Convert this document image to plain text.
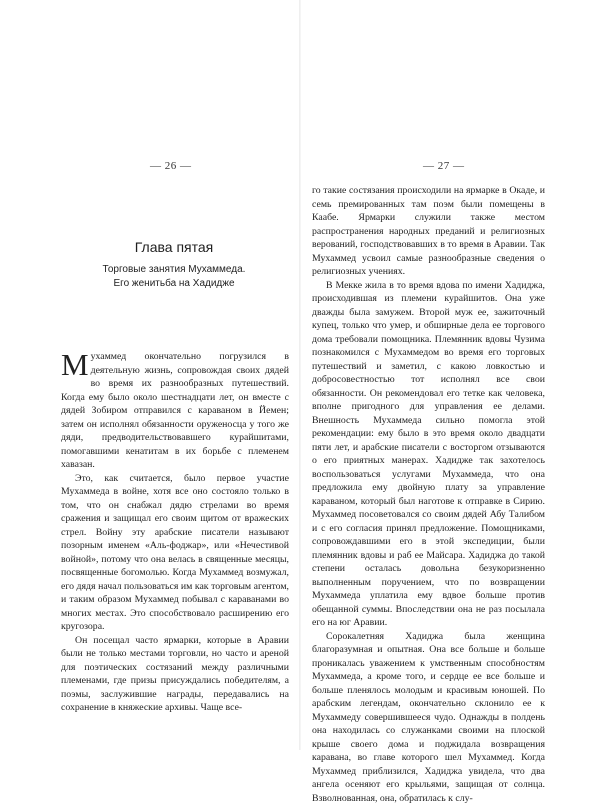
— 26 —
Глава пятая
Торговые занятия Мухаммеда.
Его женитьба на Хадидже

Мухаммед окончательно погрузился в деятельную жизнь, сопровождая своих дядей во время их разнообразных путешествий. Когда ему было около шестнадцати лет, он вместе с дядей Зобиром отправился с караваном в Йемен; затем он исполнял обязанности оруженосца у того же дяди, предводительствовавшего курайшитами, помогавшими кенатитам в их борьбе с племенем хавазан.

Это, как считается, было первое участие Мухаммеда в войне, хотя все оно состояло только в том, что он снабжал дядю стрелами во время сражения и защищал его своим щитом от вражеских стрел. Войну эту арабские писатели называют позорным именем «Аль-фоджар», или «Нечестивой войной», потому что она велась в священные месяцы, посвященные богомолью. Когда Мухаммед возмужал, его дядя начал пользоваться им как торговым агентом, и таким образом Мухаммед побывал с караванами во многих местах. Это способствовало расширению его кругозора.

Он посещал часто ярмарки, которые в Аравии были не только местами торговли, но часто и ареной для поэтических состязаний между различными племенами, где призы присуждались победителям, а поэмы, заслужившие награды, передавались на сохранение в княжеские архивы. Чаще все-

— 27 —

го такие состязания происходили на ярмарке в Окаде, и семь премированных там поэм были помещены в Каабе. Ярмарки служили также местом распространения народных преданий и религиозных верований, господствовавших в то время в Аравии. Так Мухаммед усвоил самые разнообразные сведения о религиозных учениях.

В Мекке жила в то время вдова по имени Хадиджа, происходившая из племени курайшитов. Она уже дважды была замужем. Второй муж ее, зажиточный купец, только что умер, и обширные дела ее торгового дома требовали помощника. Племянник вдовы Чузима познакомился с Мухаммедом во время его торговых путешествий и заметил, с какою ловкостью и добросовестностью тот исполнял все свои обязанности. Он рекомендовал его тетке как человека, вполне пригодного для управления ее делами. Внешность Мухаммеда сильно помогла этой рекомендации: ему было в это время около двадцати пяти лет, и арабские писатели с восторгом отзываются о его приятных манерах. Хадидже так захотелось воспользоваться услугами Мухаммеда, что она предложила ему двойную плату за управление караваном, который был наготове к отправке в Сирию. Мухаммед посоветовался со своим дядей Абу Талибом и с его согласия принял предложение. Помощниками, сопровождавшими его в этой экспедиции, были племянник вдовы и раб ее Майсара. Хадиджа до такой степени осталась довольна безукоризненно выполненным поручением, что по возвращении Мухаммеда уплатила ему вдвое больше против обещанной суммы. Впоследствии она не раз посылала его на юг Аравии.

Сорокалетняя Хадиджа была женщина благоразумная и опытная. Она все больше и больше проникалась уважением к умственным способностям Мухаммеда, а кроме того, и сердце ее все больше и больше пленялось молодым и красивым юношей. По арабским легендам, окончательно склонило ее к Мухаммеду совершившееся чудо. Однажды в полдень она находилась со служанками своими на плоской крыше своего дома и поджидала возвращения каравана, во главе которого шел Мухаммед. Когда Мухаммед приблизился, Хадиджа увидела, что два ангела осеняют его крыльями, защищая от солнца. Взволнованная, она, обратилась к слу-
